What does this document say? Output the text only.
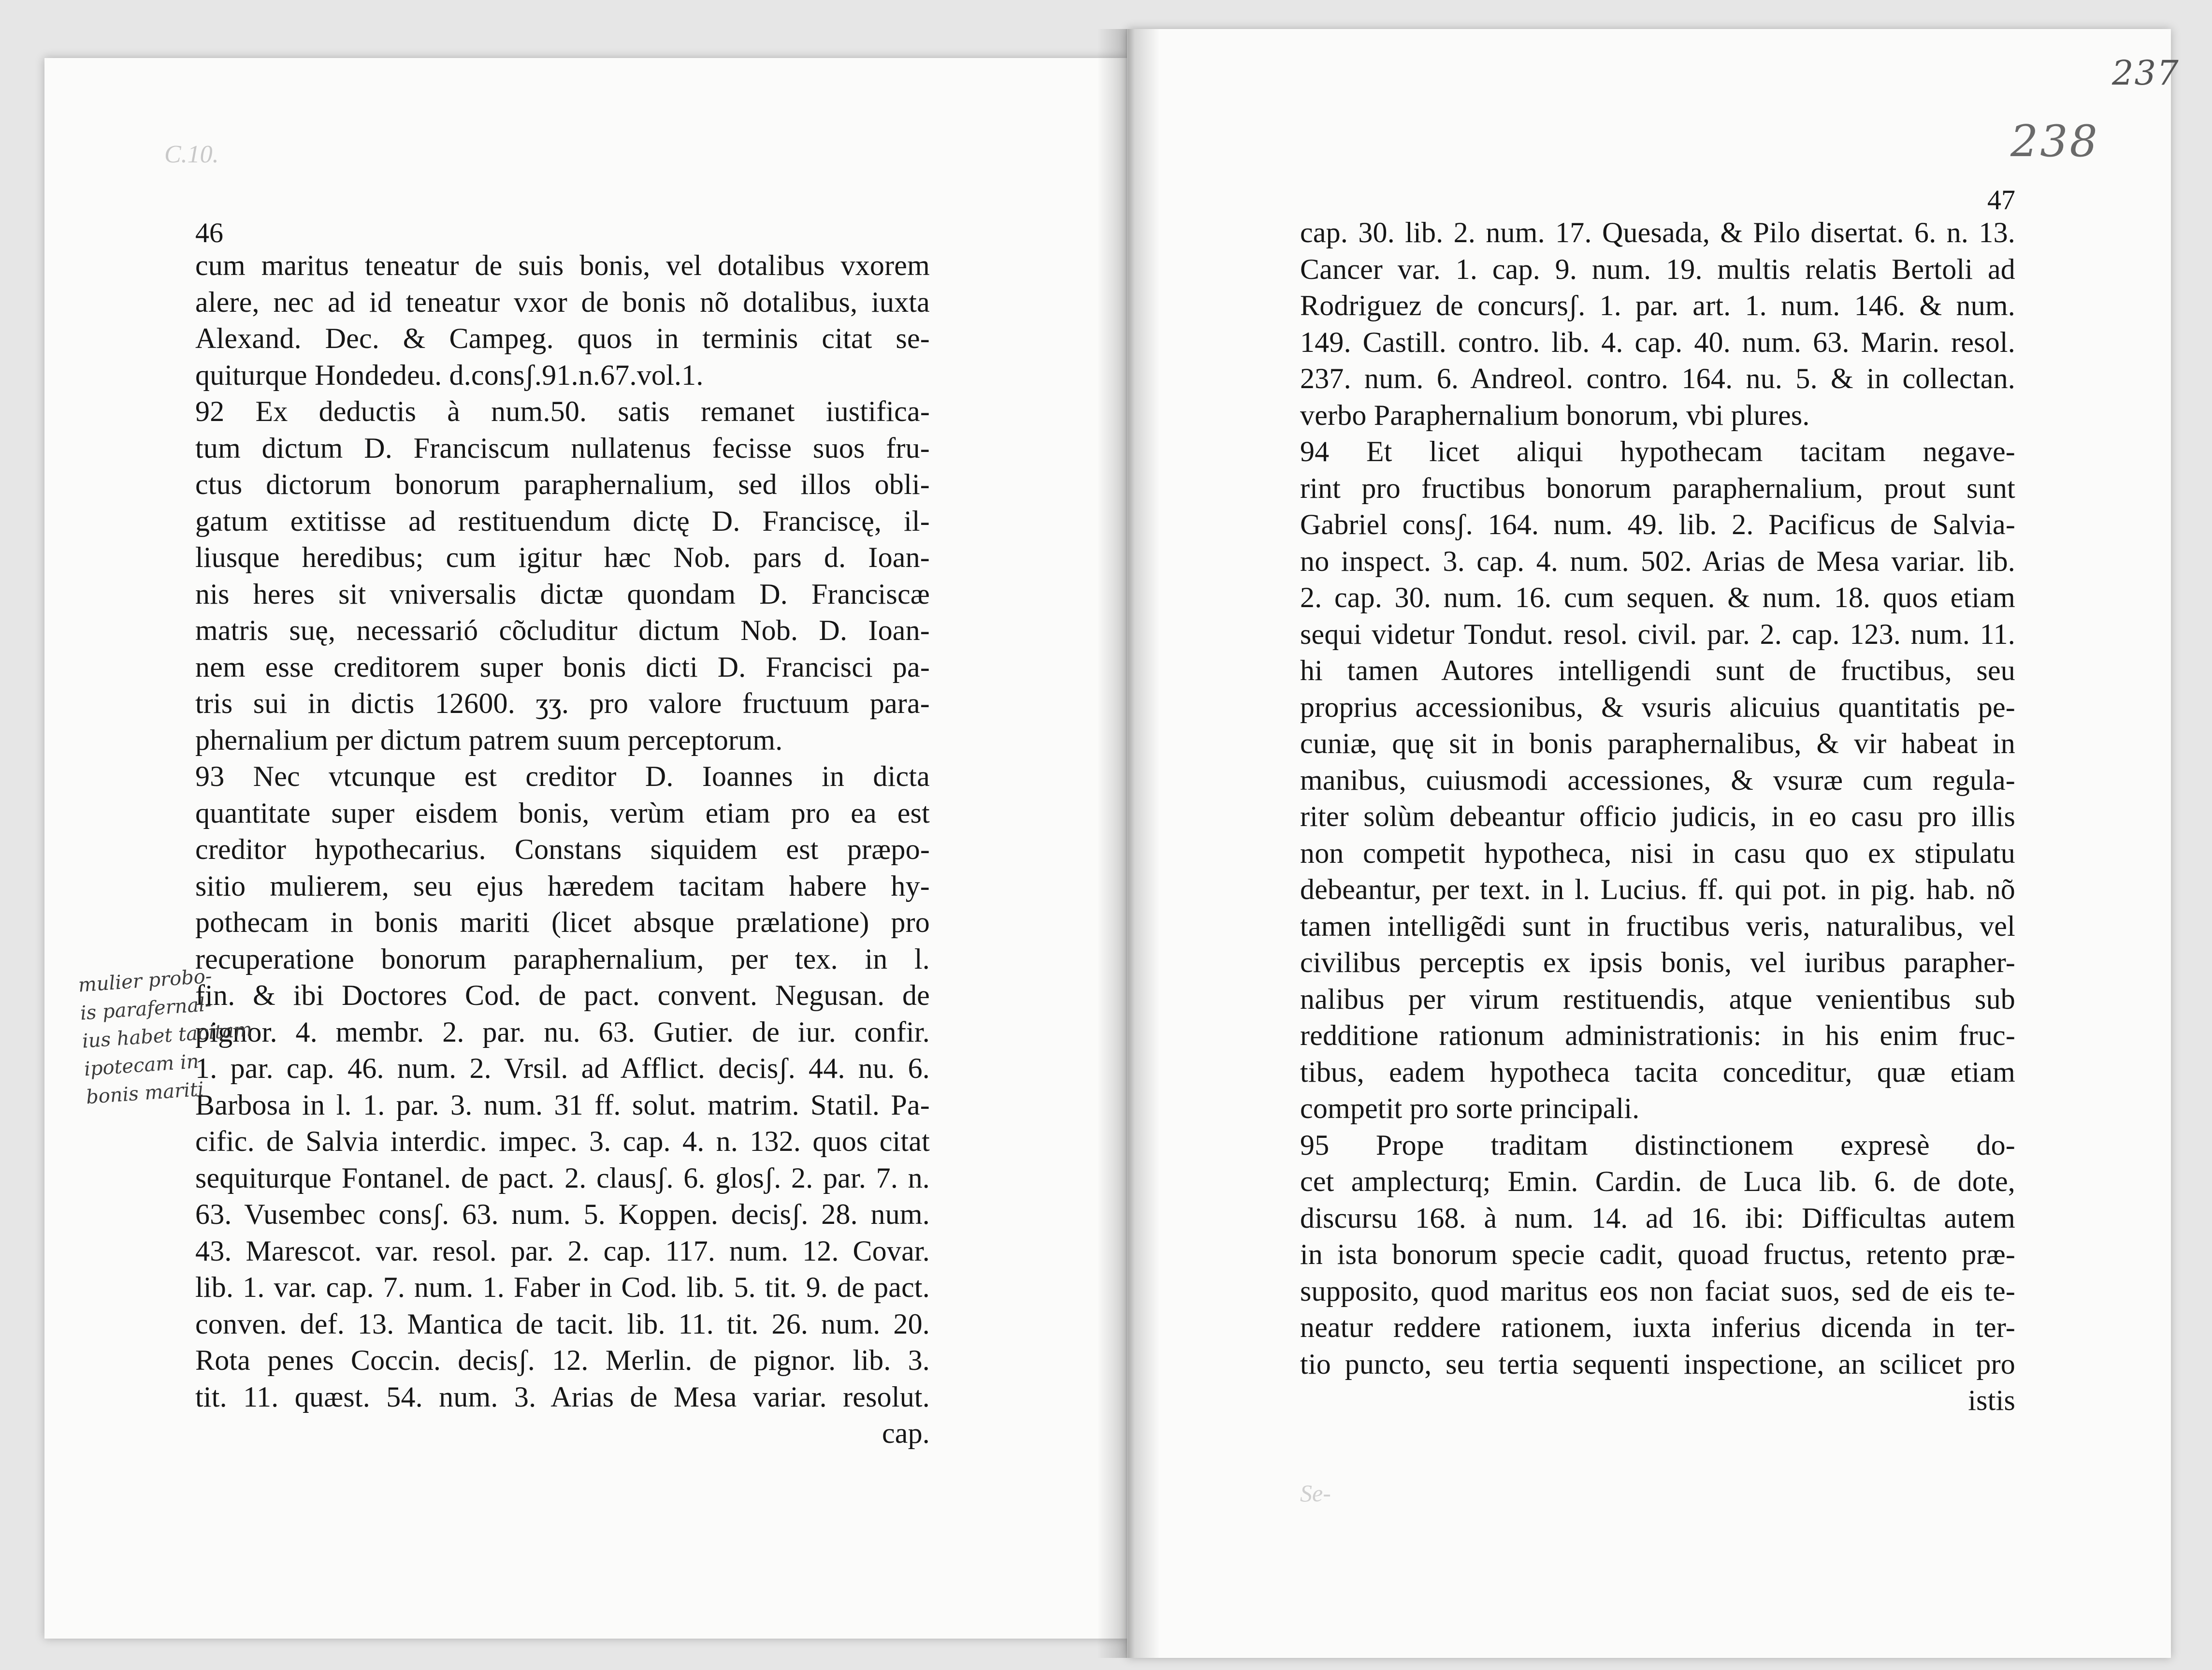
C.10.
237
238
46
cum maritus teneatur de suis bonis, vel dotalibus vxorem
alere, nec ad id teneatur vxor de bonis nõ dotalibus, iuxta
Alexand. Dec. & Campeg. quos in terminis citat se-
quiturque Hondedeu. d.consʃ.91.n.67.vol.1.
92 Ex deductis à num.50. satis remanet iustifica-
tum dictum D. Franciscum nullatenus fecisse suos fru-
ctus dictorum bonorum paraphernalium, sed illos obli-
gatum extitisse ad restituendum dictę D. Franciscę, il-
liusque heredibus; cum igitur hæc Nob. pars d. Ioan-
nis heres sit vniversalis dictæ quondam D. Franciscæ
matris suę, necessarió cõcluditur dictum Nob. D. Ioan-
nem esse creditorem super bonis dicti D. Francisci pa-
tris sui in dictis 12600. ʒʒ. pro valore fructuum para-
phernalium per dictum patrem suum perceptorum.
93 Nec vtcunque est creditor D. Ioannes in dicta
quantitate super eisdem bonis, verùm etiam pro ea est
creditor hypothecarius. Constans siquidem est præpo-
sitio mulierem, seu ejus hæredem tacitam habere hy-
pothecam in bonis mariti (licet absque prælatione) pro
recuperatione bonorum paraphernalium, per tex. in l.
fin. & ibi Doctores Cod. de pact. convent. Negusan. de
pignor. 4. membr. 2. par. nu. 63. Gutier. de iur. confir.
1. par. cap. 46. num. 2. Vrsil. ad Afflict. decisʃ. 44. nu. 6.
Barbosa in l. 1. par. 3. num. 31 ff. solut. matrim. Statil. Pa-
cific. de Salvia interdic. impec. 3. cap. 4. n. 132. quos citat
sequiturque Fontanel. de pact. 2. clausʃ. 6. glosʃ. 2. par. 7. n.
63. Vusembec consʃ. 63. num. 5. Koppen. decisʃ. 28. num.
43. Marescot. var. resol. par. 2. cap. 117. num. 12. Covar.
lib. 1. var. cap. 7. num. 1. Faber in Cod. lib. 5. tit. 9. de pact.
conven. def. 13. Mantica de tacit. lib. 11. tit. 26. num. 20.
Rota penes Coccin. decisʃ. 12. Merlin. de pignor. lib. 3.
tit. 11. quæst. 54. num. 3. Arias de Mesa variar. resolut.
cap.
mulier probo-
is parafernal-
ius habet tacitam
ipotecam in
bonis mariti
47
cap. 30. lib. 2. num. 17. Quesada, & Pilo disertat. 6. n. 13.
Cancer var. 1. cap. 9. num. 19. multis relatis Bertoli ad
Rodriguez de concursʃ. 1. par. art. 1. num. 146. & num.
149. Castill. contro. lib. 4. cap. 40. num. 63. Marin. resol.
237. num. 6. Andreol. contro. 164. nu. 5. & in collectan.
verbo Paraphernalium bonorum, vbi plures.
94 Et licet aliqui hypothecam tacitam negave-
rint pro fructibus bonorum paraphernalium, prout sunt
Gabriel consʃ. 164. num. 49. lib. 2. Pacificus de Salvia-
no inspect. 3. cap. 4. num. 502. Arias de Mesa variar. lib.
2. cap. 30. num. 16. cum sequen. & num. 18. quos etiam
sequi videtur Tondut. resol. civil. par. 2. cap. 123. num. 11.
hi tamen Autores intelligendi sunt de fructibus, seu
proprius accessionibus, & vsuris alicuius quantitatis pe-
cuniæ, quę sit in bonis paraphernalibus, & vir habeat in
manibus, cuiusmodi accessiones, & vsuræ cum regula-
riter solùm debeantur officio judicis, in eo casu pro illis
non competit hypotheca, nisi in casu quo ex stipulatu
debeantur, per text. in l. Lucius. ff. qui pot. in pig. hab. nõ
tamen intelligẽdi sunt in fructibus veris, naturalibus, vel
civilibus perceptis ex ipsis bonis, vel iuribus parapher-
nalibus per virum restituendis, atque venientibus sub
redditione rationum administrationis: in his enim fruc-
tibus, eadem hypotheca tacita conceditur, quæ etiam
competit pro sorte principali.
95 Prope traditam distinctionem expresè do-
cet amplecturq; Emin. Cardin. de Luca lib. 6. de dote,
discursu 168. à num. 14. ad 16. ibi: Difficultas autem
in ista bonorum specie cadit, quoad fructus, retento præ-
supposito, quod maritus eos non faciat suos, sed de eis te-
neatur reddere rationem, iuxta inferius dicenda in ter-
tio puncto, seu tertia sequenti inspectione, an scilicet pro
istis
Se-
